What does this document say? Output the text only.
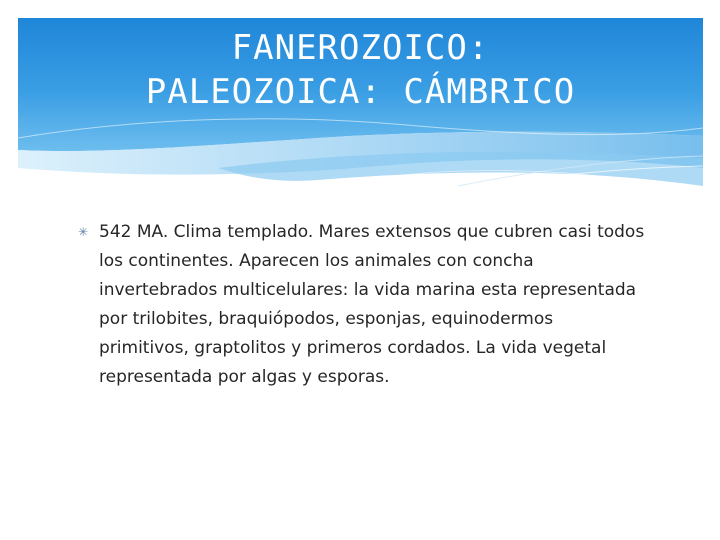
FANEROZOICO:
PALEOZOICA: CÁMBRICO
✳ 542 MA. Clima templado. Mares extensos que cubren casi todos los continentes. Aparecen los animales con concha invertebrados multicelulares: la vida marina esta representada por trilobites, braquiópodos, esponjas, equinodermos primitivos, graptolitos y primeros cordados. La vida vegetal representada por algas y esporas.
